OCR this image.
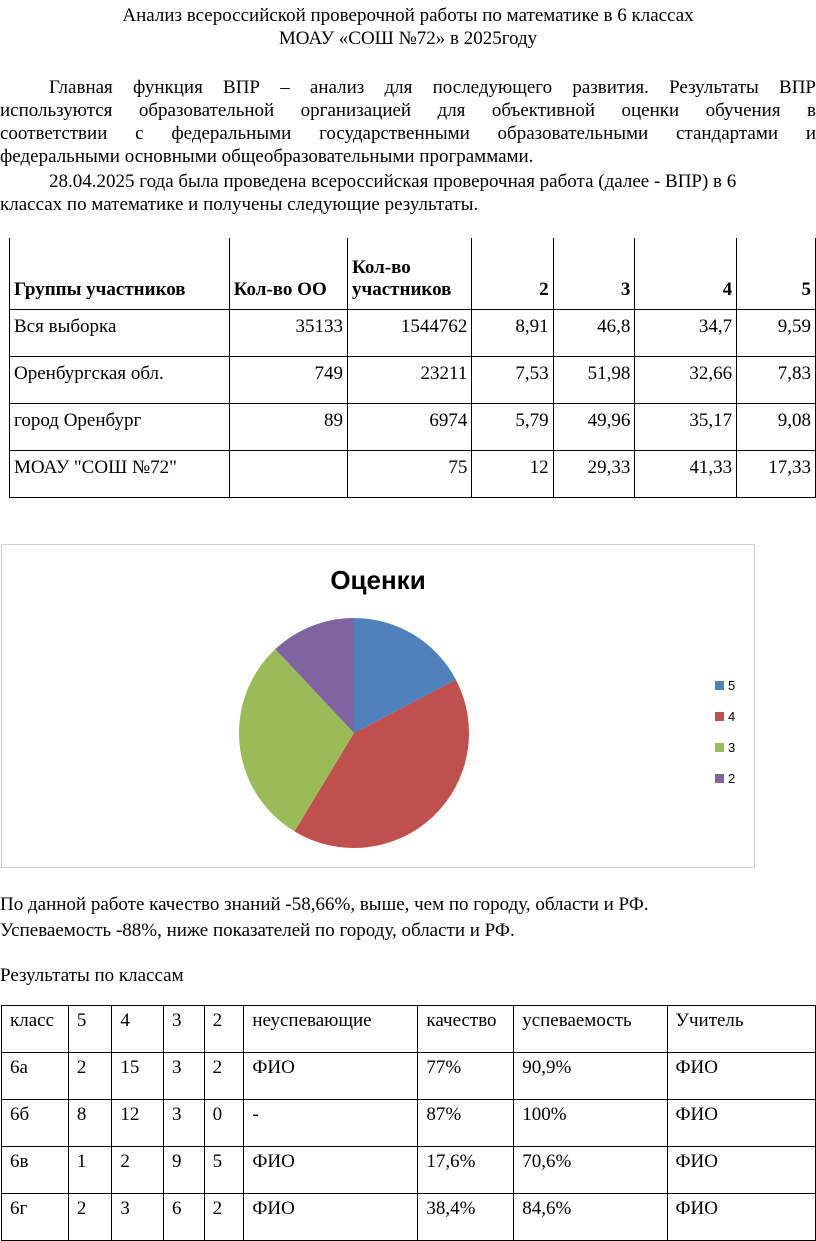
Анализ всероссийской проверочной работы по математике в 6 классах
МОАУ «СОШ №72» в 2025году
Главная функция ВПР – анализ для последующего развития. Результаты ВПР
используются образовательной организацией для объективной оценки обучения в
соответствии с федеральными государственными образовательными стандартами и
федеральными основными общеобразовательными программами.
28.04.2025 года была проведена всероссийская проверочная работа (далее - ВПР) в 6
классах по математике и получены следующие результаты.
Группы участников	Кол-во ОО	Кол-во участников	2	3	4	5
Вся выборка	35133	1544762	8,91	46,8	34,7	9,59
Оренбургская обл.	749	23211	7,53	51,98	32,66	7,83
город Оренбург	89	6974	5,79	49,96	35,17	9,08
МОАУ "СОШ №72"		75	12	29,33	41,33	17,33
Оценки
5
4
3
2
По данной работе качество знаний -58,66%, выше, чем по городу, области и РФ.
Успеваемость -88%, ниже показателей по городу, области и РФ.
Результаты по классам
класс	5	4	3	2	неуспевающие	качество	успеваемость	Учитель
6а	2	15	3	2	ФИО	77%	90,9%	ФИО
6б	8	12	3	0	-	87%	100%	ФИО
6в	1	2	9	5	ФИО	17,6%	70,6%	ФИО
6г	2	3	6	2	ФИО	38,4%	84,6%	ФИО
